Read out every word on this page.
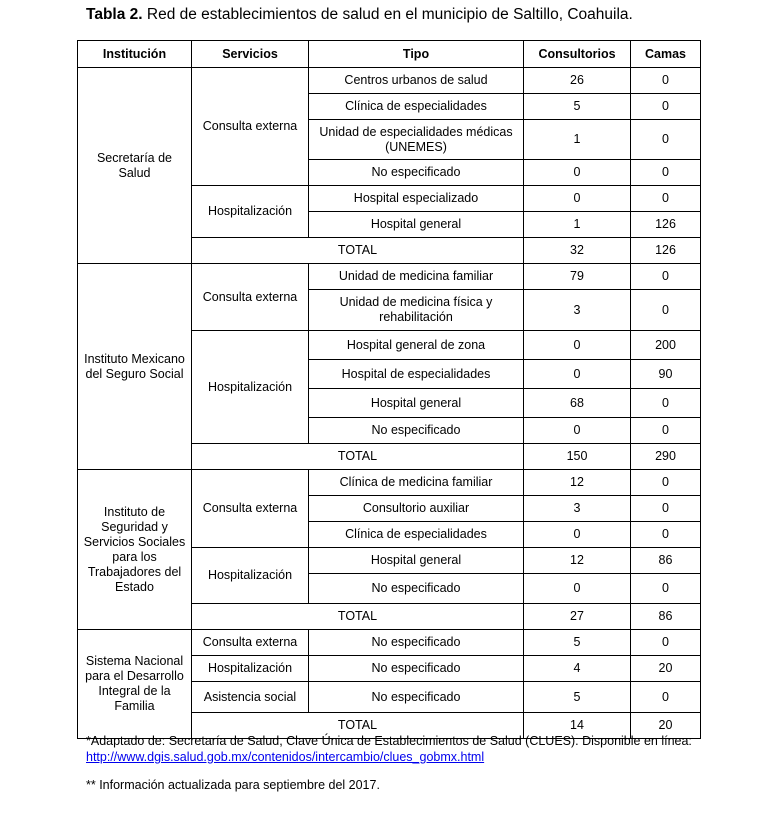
Tabla 2. Red de establecimientos de salud en el municipio de Saltillo, Coahuila.
Institución	Servicios	Tipo	Consultorios	Camas
Secretaría de Salud	Consulta externa	Centros urbanos de salud	26	0
		Clínica de especialidades	5	0
		Unidad de especialidades médicas (UNEMES)	1	0
		No especificado	0	0
	Hospitalización	Hospital especializado	0	0
		Hospital general	1	126
	TOTAL		32	126
Instituto Mexicano del Seguro Social	Consulta externa	Unidad de medicina familiar	79	0
		Unidad de medicina física y rehabilitación	3	0
	Hospitalización	Hospital general de zona	0	200
		Hospital de especialidades	0	90
		Hospital general	68	0
		No especificado	0	0
	TOTAL		150	290
Instituto de Seguridad y Servicios Sociales para los Trabajadores del Estado	Consulta externa	Clínica de medicina familiar	12	0
		Consultorio auxiliar	3	0
		Clínica de especialidades	0	0
	Hospitalización	Hospital general	12	86
		No especificado	0	0
	TOTAL		27	86
Sistema Nacional para el Desarrollo Integral de la Familia	Consulta externa	No especificado	5	0
	Hospitalización	No especificado	4	20
	Asistencia social	No especificado	5	0
	TOTAL		14	20
*Adaptado de: Secretaría de Salud, Clave Única de Establecimientos de Salud (CLUES). Disponible en línea:
http://www.dgis.salud.gob.mx/contenidos/intercambio/clues_gobmx.html
** Información actualizada para septiembre del 2017.
